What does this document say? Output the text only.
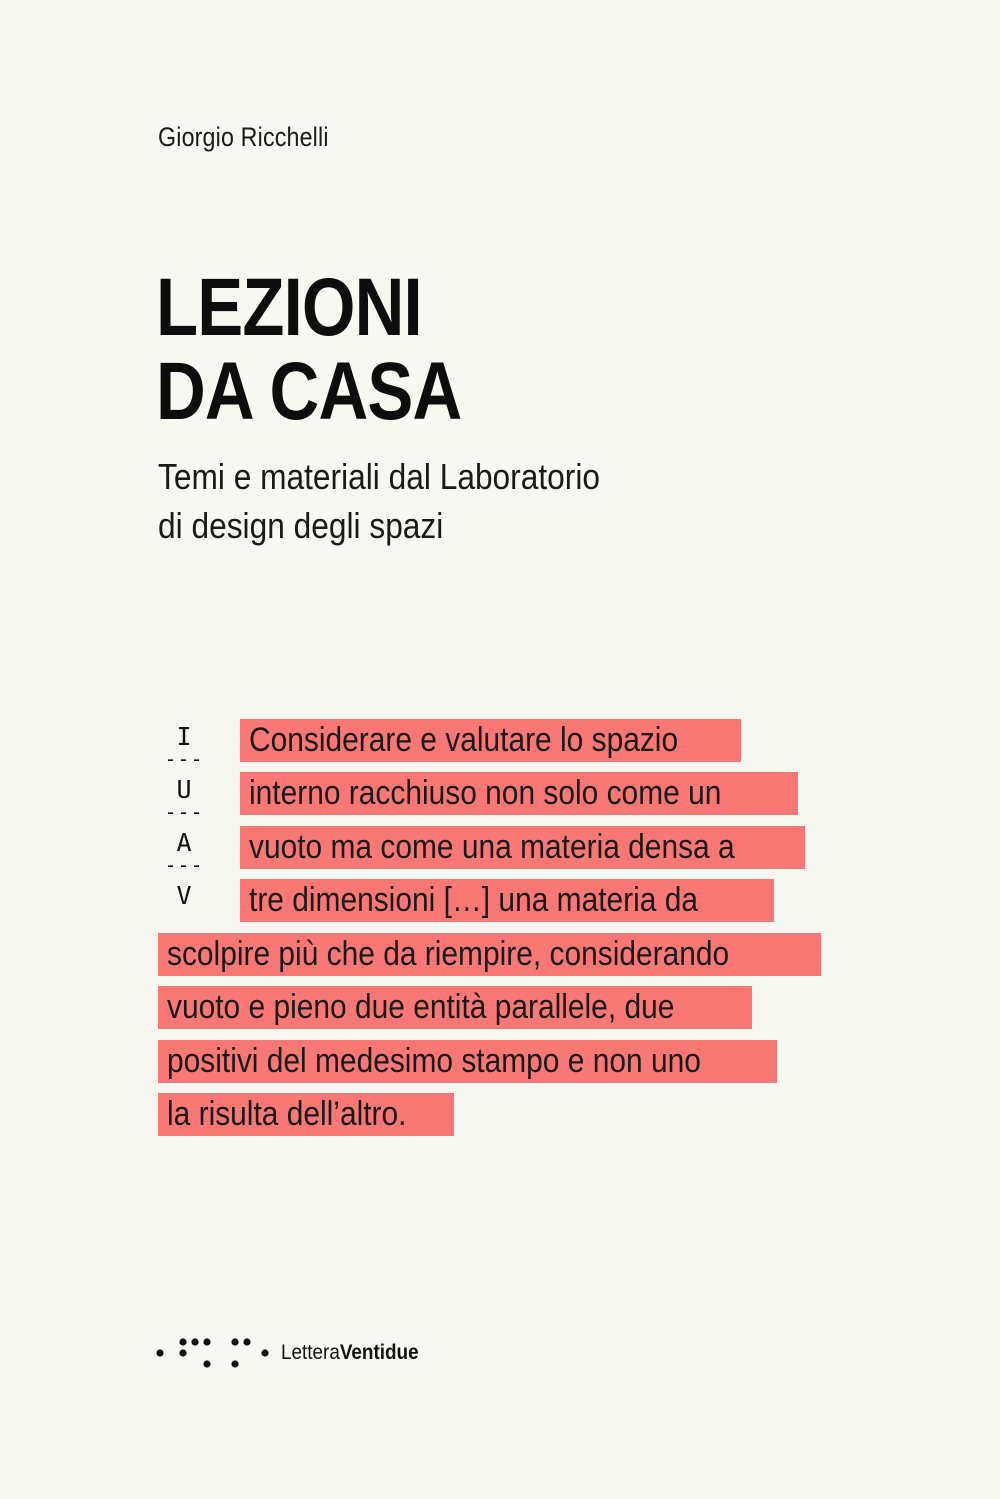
Giorgio Ricchelli
LEZIONI
DA CASA
Temi e materiali dal Laboratorio
di design degli spazi
I
---
U
---
A
---
V
Considerare e valutare lo spazio
interno racchiuso non solo come un
vuoto ma come una materia densa a
tre dimensioni […] una materia da
scolpire più che da riempire, considerando
vuoto e pieno due entità parallele, due
positivi del medesimo stampo e non uno
la risulta dell’altro.
LetteraVentidue
